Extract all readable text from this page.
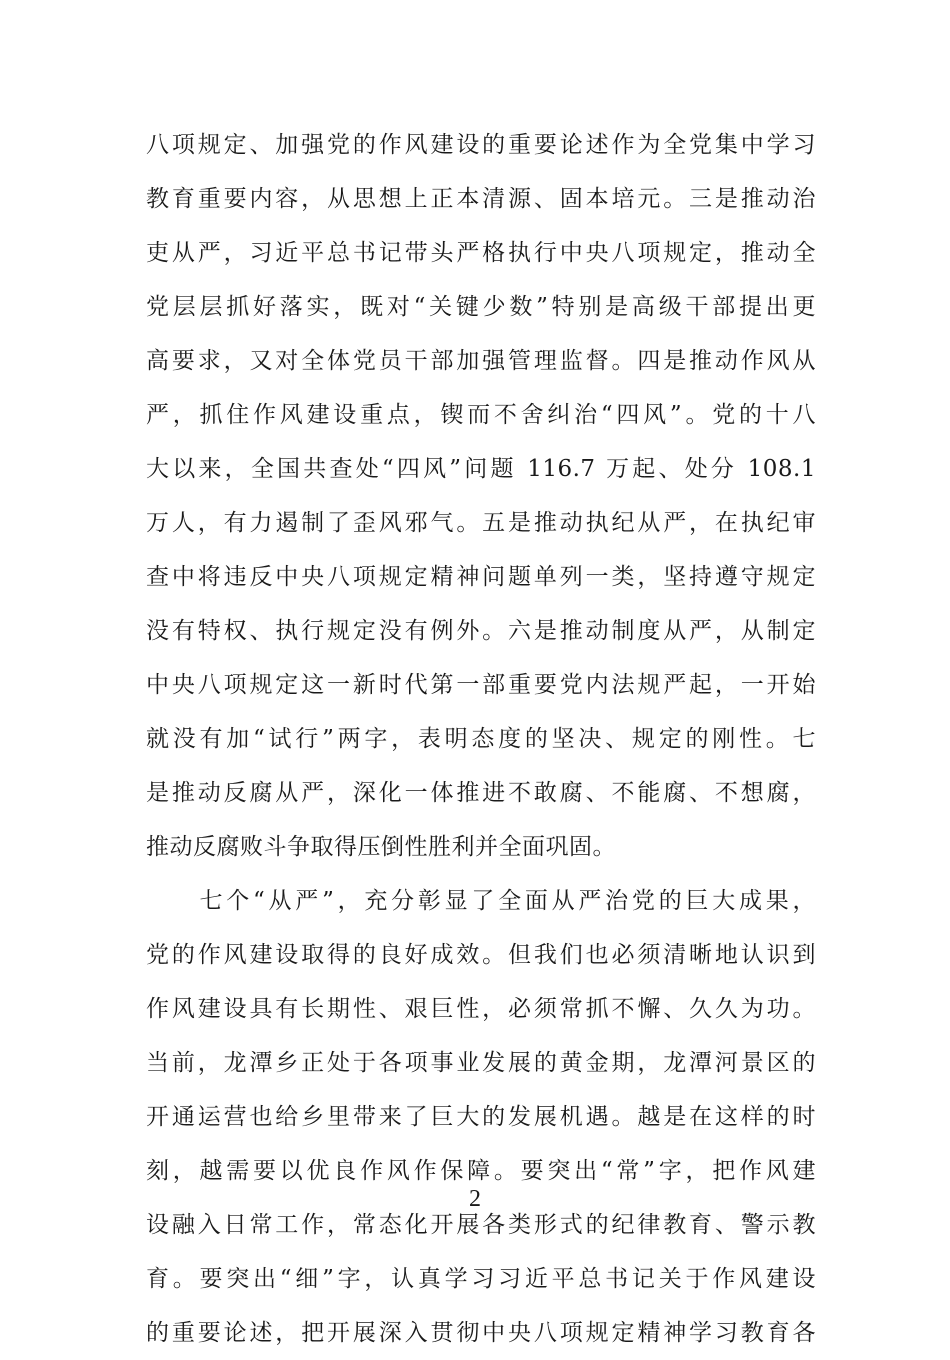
八项规定、加强党的作风建设的重要论述作为全党集中学习
教育重要内容，从思想上正本清源、固本培元。三是推动治
吏从严，习近平总书记带头严格执行中央八项规定，推动全
党层层抓好落实，既对“关键少数”特别是高级干部提出更
高要求，又对全体党员干部加强管理监督。四是推动作风从
严，抓住作风建设重点，锲而不舍纠治“四风”。党的十八
大以来，全国共查处“四风”问题 116.7 万起、处分 108.1
万人，有力遏制了歪风邪气。五是推动执纪从严，在执纪审
查中将违反中央八项规定精神问题单列一类，坚持遵守规定
没有特权、执行规定没有例外。六是推动制度从严，从制定
中央八项规定这一新时代第一部重要党内法规严起，一开始
就没有加“试行”两字，表明态度的坚决、规定的刚性。七
是推动反腐从严，深化一体推进不敢腐、不能腐、不想腐，
推动反腐败斗争取得压倒性胜利并全面巩固。
　　七个“从严”，充分彰显了全面从严治党的巨大成果，
党的作风建设取得的良好成效。但我们也必须清晰地认识到
作风建设具有长期性、艰巨性，必须常抓不懈、久久为功。
当前，龙潭乡正处于各项事业发展的黄金期，龙潭河景区的
开通运营也给乡里带来了巨大的发展机遇。越是在这样的时
刻，越需要以优良作风作保障。要突出“常”字，把作风建
设融入日常工作，常态化开展各类形式的纪律教育、警示教
育。要突出“细”字，认真学习习近平总书记关于作风建设
的重要论述，把开展深入贯彻中央八项规定精神学习教育各
2
